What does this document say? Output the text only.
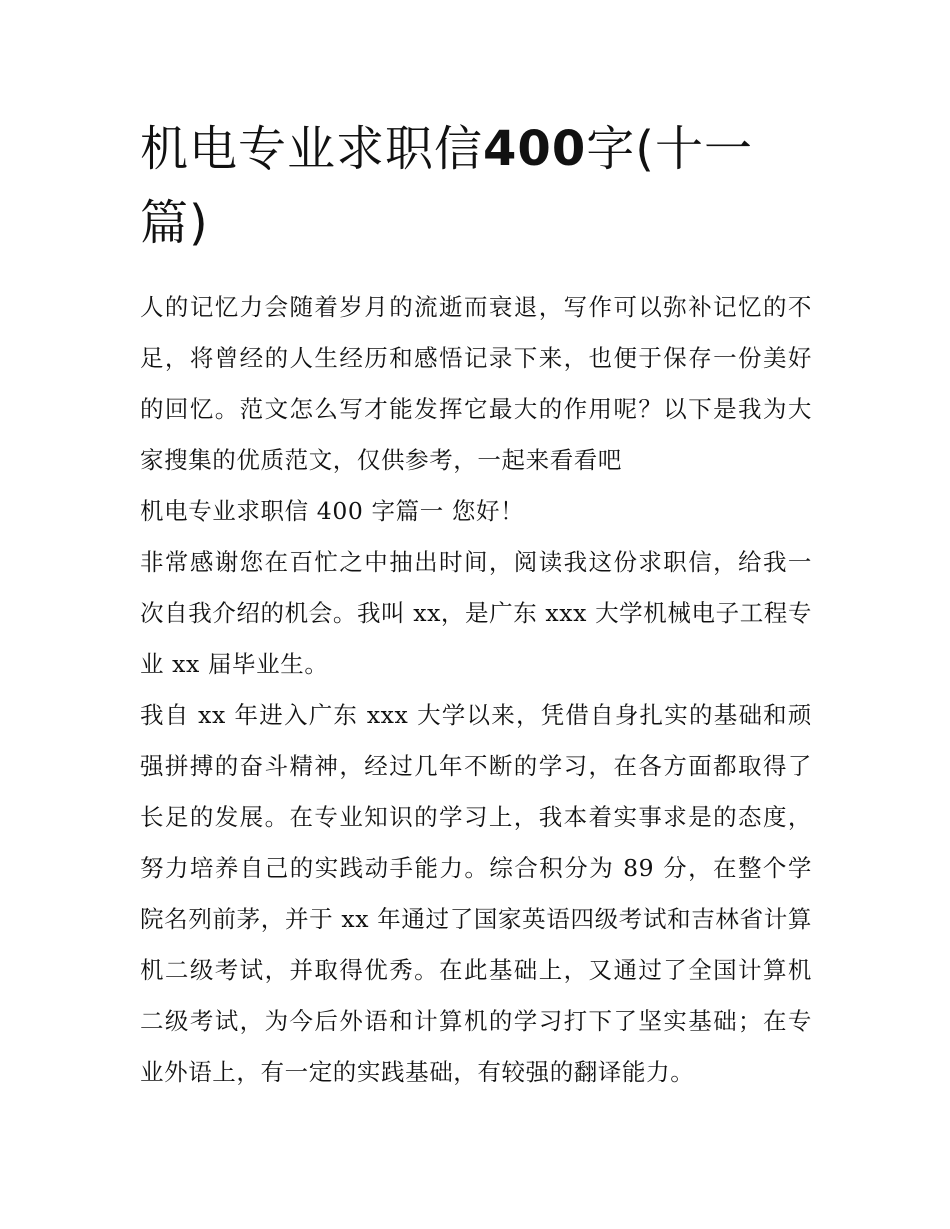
机电专业求职信400字(十一
篇)

人的记忆力会随着岁月的流逝而衰退，写作可以弥补记忆的不足，将曾经的人生经历和感悟记录下来，也便于保存一份美好的回忆。范文怎么写才能发挥它最大的作用呢？以下是我为大家搜集的优质范文，仅供参考，一起来看看吧

机电专业求职信 400 字篇一 您好！

非常感谢您在百忙之中抽出时间，阅读我这份求职信，给我一次自我介绍的机会。我叫 xx，是广东 xxx 大学机械电子工程专业 xx 届毕业生。

我自 xx 年进入广东 xxx 大学以来，凭借自身扎实的基础和顽强拼搏的奋斗精神，经过几年不断的学习，在各方面都取得了长足的发展。在专业知识的学习上，我本着实事求是的态度，努力培养自己的实践动手能力。综合积分为 89 分，在整个学院名列前茅，并于 xx 年通过了国家英语四级考试和吉林省计算机二级考试，并取得优秀。在此基础上，又通过了全国计算机二级考试，为今后外语和计算机的学习打下了坚实基础；在专业外语上，有一定的实践基础，有较强的翻译能力。
